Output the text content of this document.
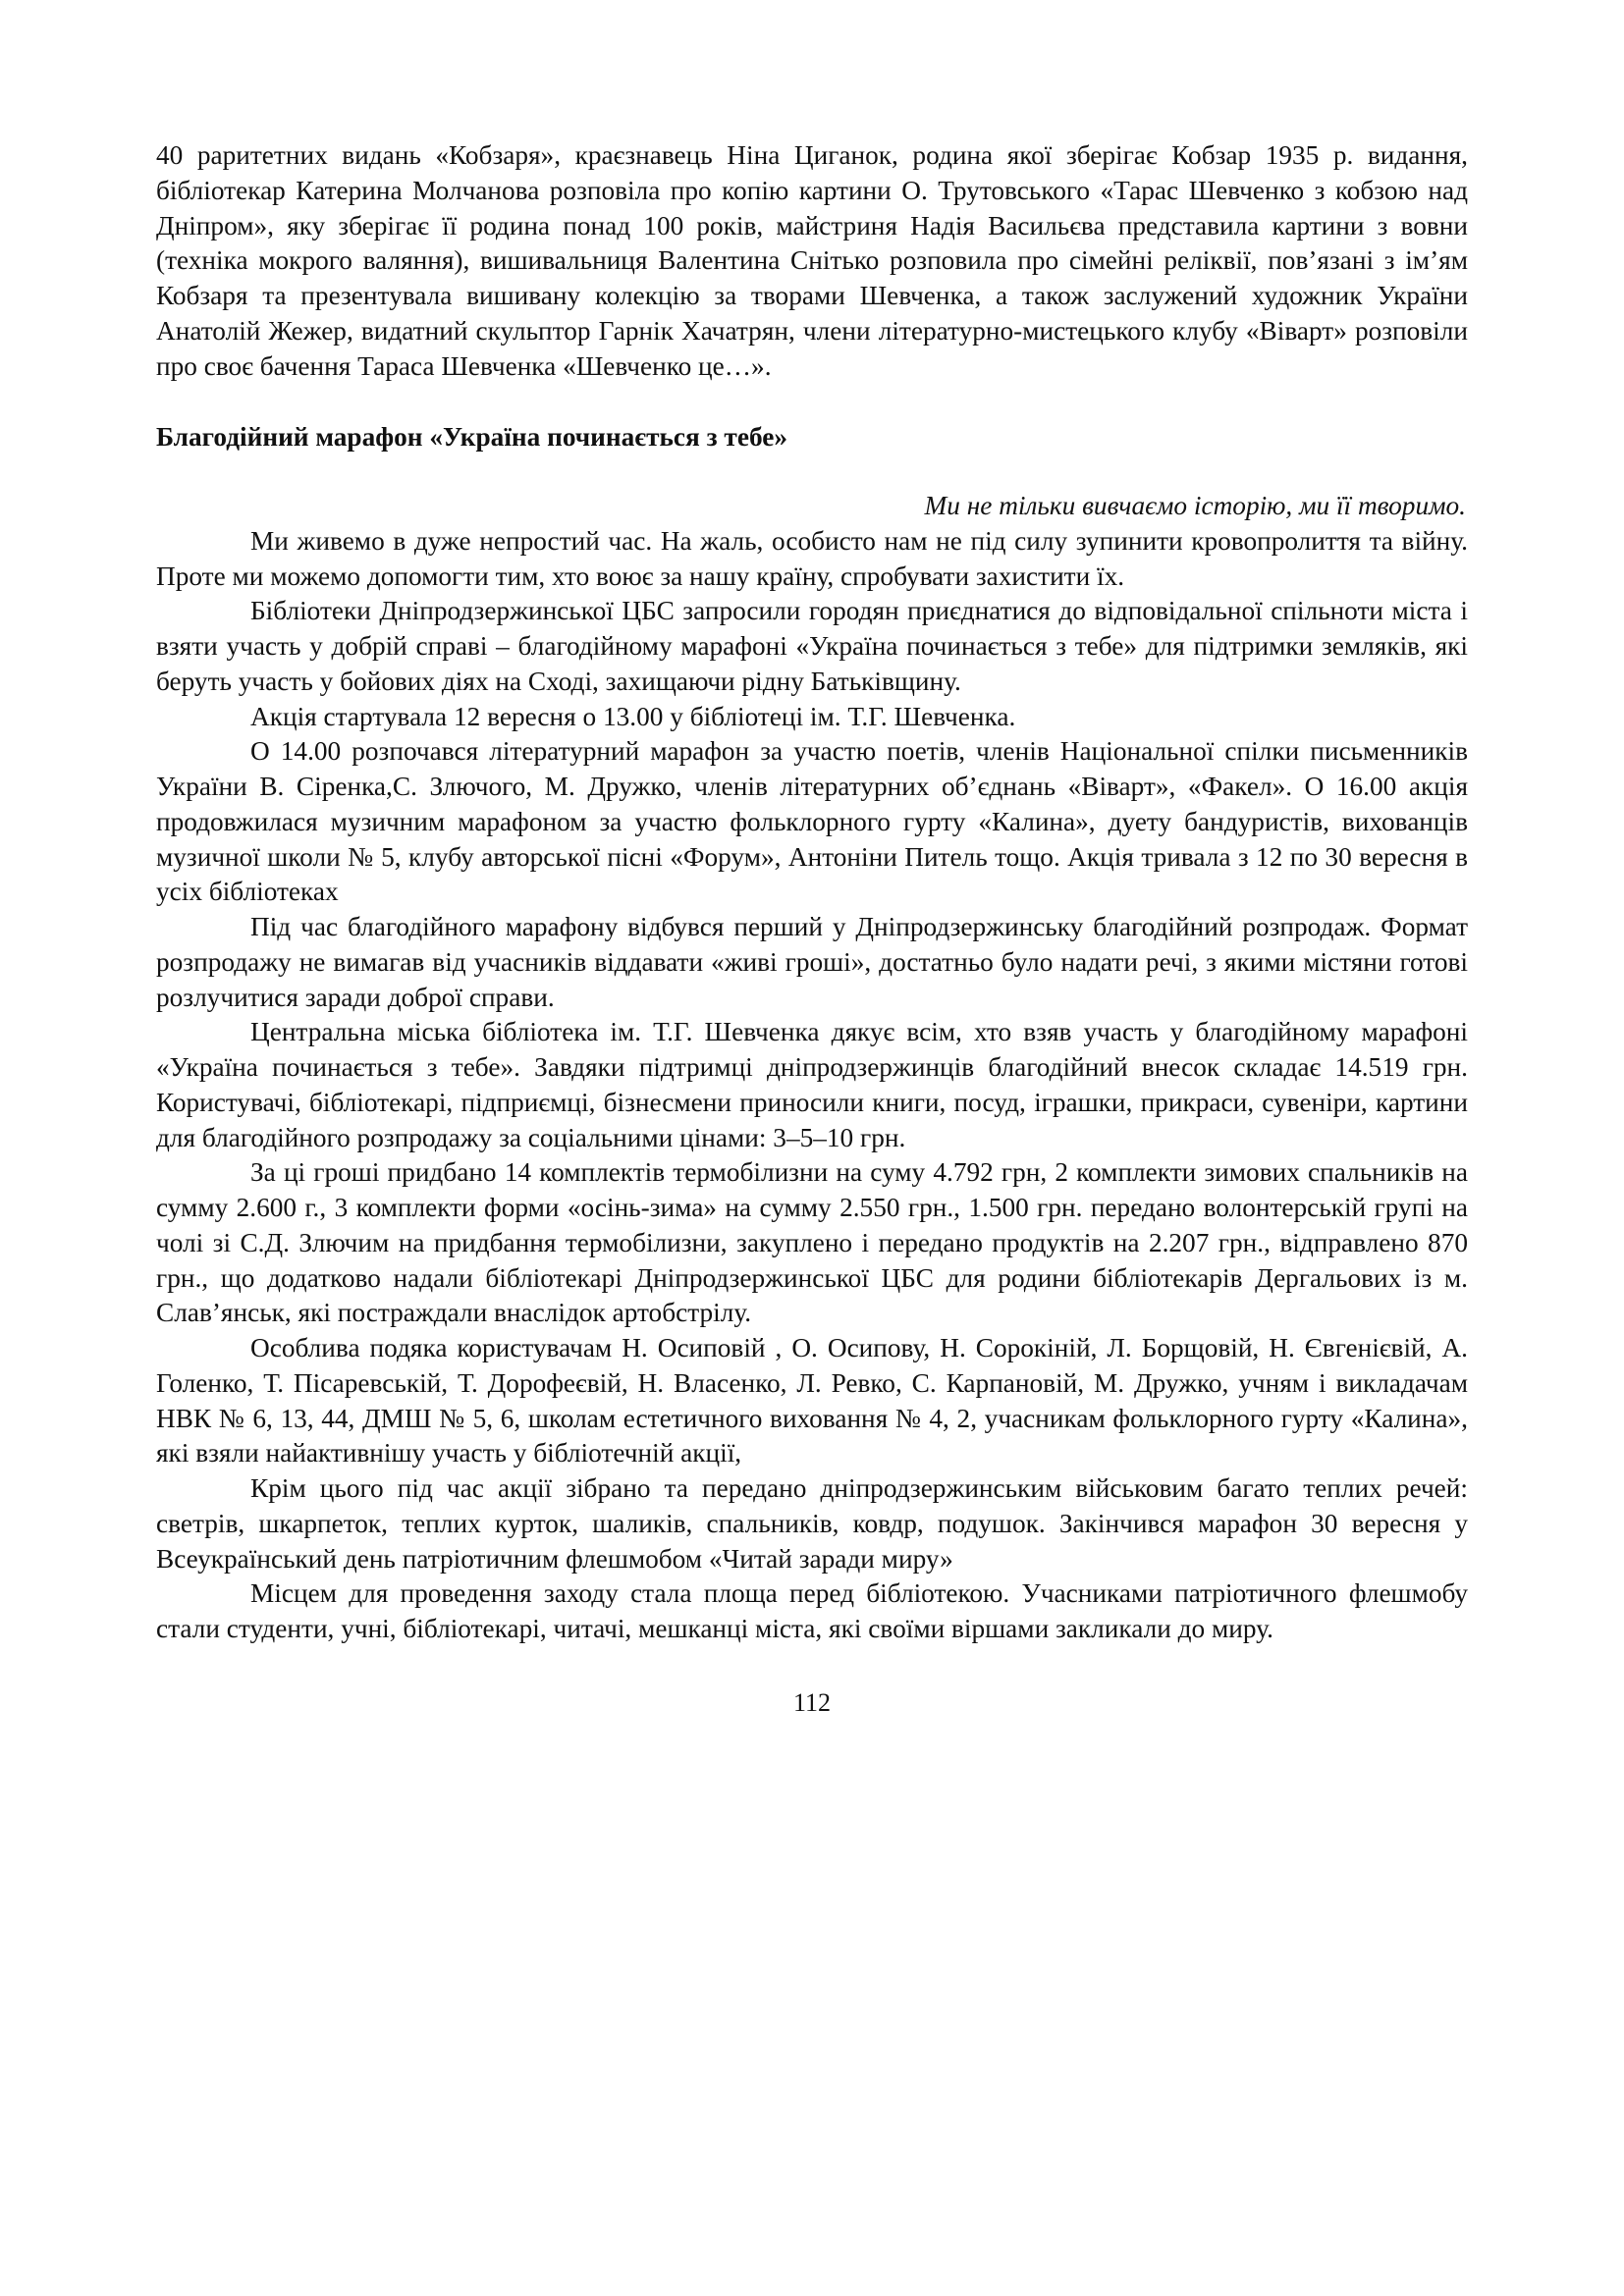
40 раритетних видань «Кобзаря», краєзнавець Ніна Циганок, родина якої зберігає Кобзар 1935 р. видання, бібліотекар Катерина Молчанова розповіла про копію картини О. Трутовського «Тарас Шевченко з кобзою над Дніпром», яку зберігає її родина понад 100 років, майстриня Надія Васильєва представила картини з вовни (техніка мокрого валяння), вишивальниця Валентина Снітько розповила про сімейні реліквії, пов’язані з ім’ям Кобзаря та презентувала вишивану колекцію за творами Шевченка, а також заслужений художник України Анатолій Жежер, видатний скульптор Гарнік Хачатрян, члени літературно-мистецького клубу «Віварт» розповіли про своє бачення Тараса Шевченка «Шевченко це…».

Благодійний марафон «Україна починається з тебе»

Ми не тільки вивчаємо історію, ми її творимо.

Ми живемо в дуже непростий час. На жаль, особисто нам не під силу зупинити кровопролиття та війну. Проте ми можемо допомогти тим, хто воює за нашу країну, спробувати захистити їх.

Бібліотеки Дніпродзержинської ЦБС запросили городян приєднатися до відповідальної спільноти міста і взяти участь у добрій справі – благодійному марафоні «Україна починається з тебе» для підтримки земляків, які беруть участь у бойових діях на Сході, захищаючи рідну Батьківщину.

Акція стартувала 12 вересня о 13.00 у бібліотеці ім. Т.Г. Шевченка.

О 14.00 розпочався літературний марафон за участю поетів, членів Національної спілки письменників України В. Сіренка,С. Злючого, М. Дружко, членів літературних об’єднань «Віварт», «Факел». О 16.00 акція продовжилася музичним марафоном за участю фольклорного гурту «Калина», дуету бандуристів, вихованців музичної школи № 5, клубу авторської пісні «Форум», Антоніни Питель тощо. Акція тривала з 12 по 30 вересня в усіх бібліотеках

Під час благодійного марафону відбувся перший у Дніпродзержинську благодійний розпродаж. Формат розпродажу не вимагав від учасників віддавати «живі гроші», достатньо було надати речі, з якими містяни готові розлучитися заради доброї справи.

Центральна міська бібліотека ім. Т.Г. Шевченка дякує всім, хто взяв участь у благодійному марафоні «Україна починається з тебе». Завдяки підтримці дніпродзержинців благодійний внесок складає 14.519 грн. Користувачі, бібліотекарі, підприємці, бізнесмени приносили книги, посуд, іграшки, прикраси, сувеніри, картини для благодійного розпродажу за соціальними цінами: 3–5–10 грн.

За ці гроші придбано 14 комплектів термобілизни на суму 4.792 грн, 2 комплекти зимових спальників на сумму 2.600 г., 3 комплекти форми «осінь-зима» на сумму 2.550 грн., 1.500 грн. передано волонтерській групі на чолі зі С.Д. Злючим на придбання термобілизни, закуплено і передано продуктів на 2.207 грн., відправлено 870 грн., що додатково надали бібліотекарі Дніпродзержинської ЦБС для родини бібліотекарів Дергальових із м. Слав’янськ, які постраждали внаслідок артобстрілу.

Особлива подяка користувачам Н. Осиповій , О. Осипову, Н. Сорокіній, Л. Борщовій, Н. Євгенієвій, А. Голенко, Т. Пісаревській, Т. Дорофеєвій, Н. Власенко, Л. Ревко, С. Карпановій, М. Дружко, учням і викладачам НВК № 6, 13, 44, ДМШ № 5, 6, школам естетичного виховання № 4, 2, учасникам фольклорного гурту «Калина», які взяли найактивнішу участь у бібліотечній акції,

Крім цього під час акції зібрано та передано дніпродзержинським військовим багато теплих речей: светрів, шкарпеток, теплих курток, шаликів, спальників, ковдр, подушок. Закінчився марафон 30 вересня у Всеукраїнський день патріотичним флешмобом «Читай заради миру»

Місцем для проведення заходу стала площа перед бібліотекою. Учасниками патріотичного флешмобу стали студенти, учні, бібліотекарі, читачі, мешканці міста, які своїми віршами закликали до миру.

112
